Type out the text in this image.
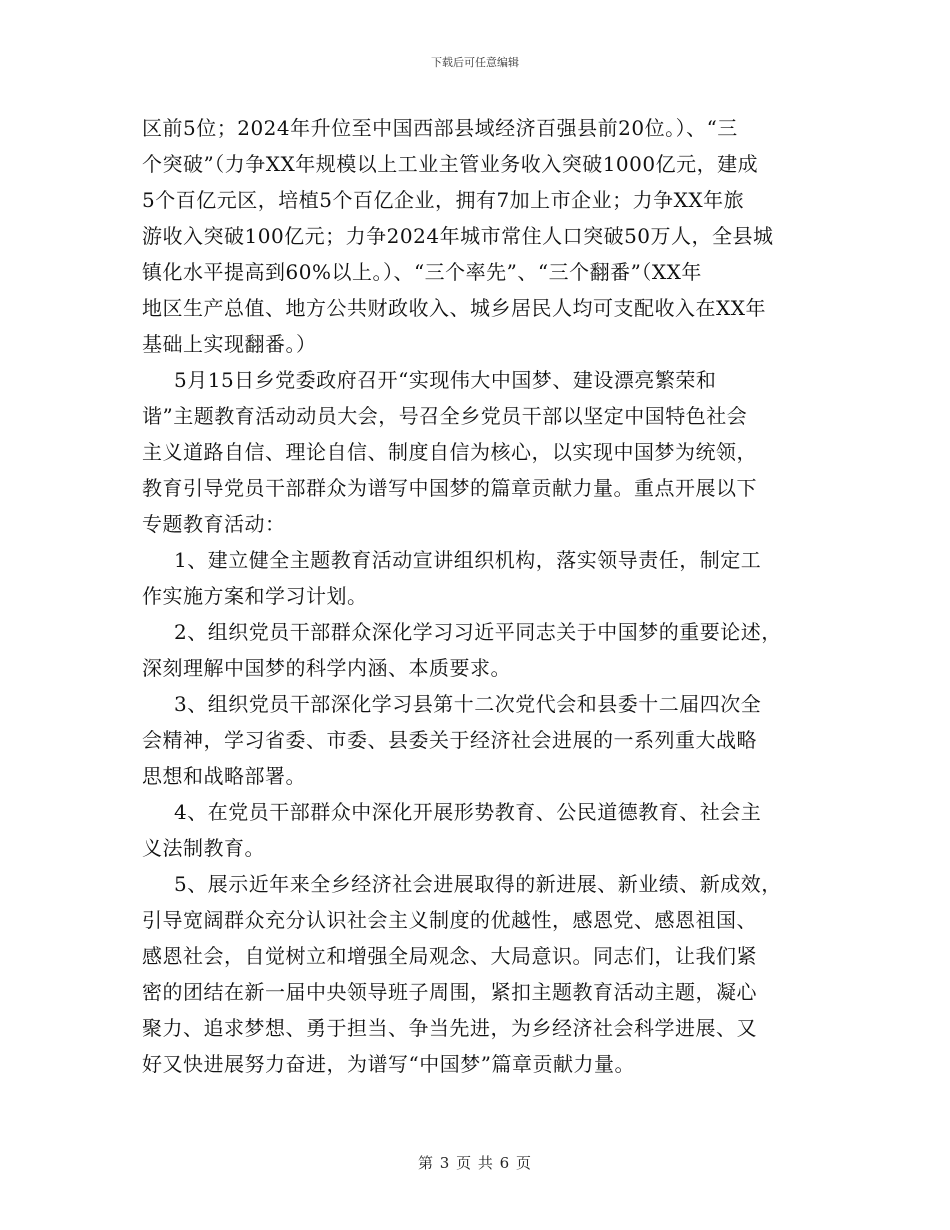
下载后可任意编辑
区前5位；2024年升位至中国西部县域经济百强县前20位。）、“三
个突破”（力争XX年规模以上工业主管业务收入突破1000亿元，建成
5个百亿元区，培植5个百亿企业，拥有7加上市企业；力争XX年旅
游收入突破100亿元；力争2024年城市常住人口突破50万人，全县城
镇化水平提高到60%以上。）、“三个率先”、“三个翻番”（XX年
地区生产总值、地方公共财政收入、城乡居民人均可支配收入在XX年
基础上实现翻番。）
5月15日乡党委政府召开“实现伟大中国梦、建设漂亮繁荣和
谐”主题教育活动动员大会，号召全乡党员干部以坚定中国特色社会
主义道路自信、理论自信、制度自信为核心，以实现中国梦为统领，
教育引导党员干部群众为谱写中国梦的篇章贡献力量。重点开展以下
专题教育活动：
1、建立健全主题教育活动宣讲组织机构，落实领导责任，制定工
作实施方案和学习计划。
2、组织党员干部群众深化学习习近平同志关于中国梦的重要论述，
深刻理解中国梦的科学内涵、本质要求。
3、组织党员干部深化学习县第十二次党代会和县委十二届四次全
会精神，学习省委、市委、县委关于经济社会进展的一系列重大战略
思想和战略部署。
4、在党员干部群众中深化开展形势教育、公民道德教育、社会主
义法制教育。
5、展示近年来全乡经济社会进展取得的新进展、新业绩、新成效，
引导宽阔群众充分认识社会主义制度的优越性，感恩党、感恩祖国、
感恩社会，自觉树立和增强全局观念、大局意识。同志们，让我们紧
密的团结在新一届中央领导班子周围，紧扣主题教育活动主题，凝心
聚力、追求梦想、勇于担当、争当先进，为乡经济社会科学进展、又
好又快进展努力奋进，为谱写“中国梦”篇章贡献力量。
第 3 页 共 6 页
